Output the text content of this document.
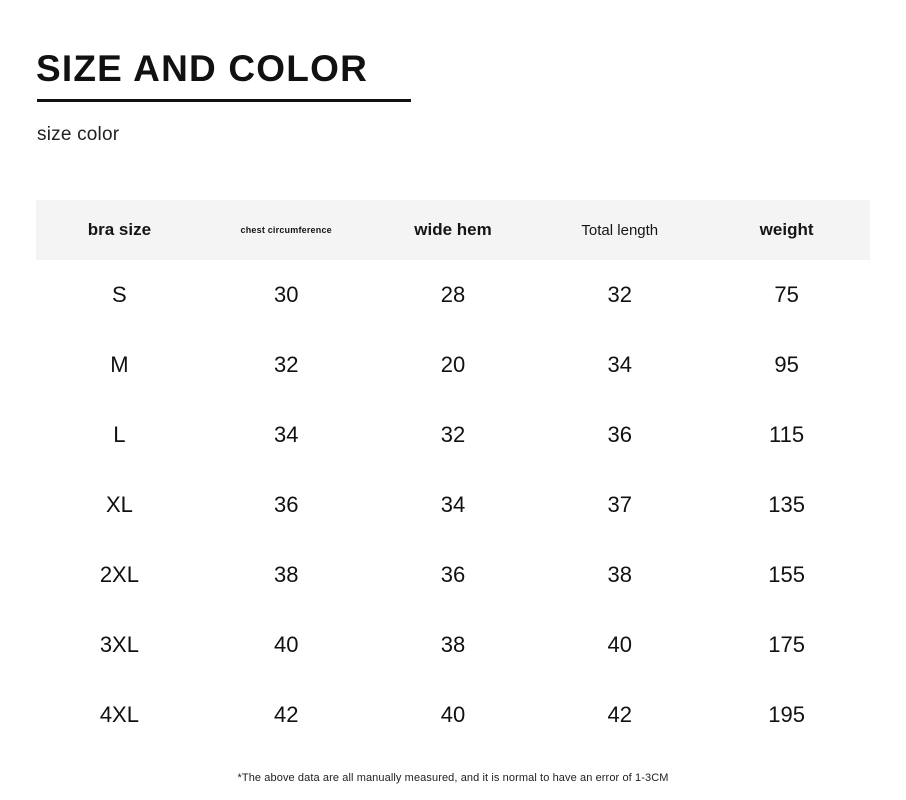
SIZE AND COLOR
size color
bra size	chest circumference	wide hem	Total length	weight
S	30	28	32	75
M	32	20	34	95
L	34	32	36	115
XL	36	34	37	135
2XL	38	36	38	155
3XL	40	38	40	175
4XL	42	40	42	195
*The above data are all manually measured, and it is normal to have an error of 1-3CM
